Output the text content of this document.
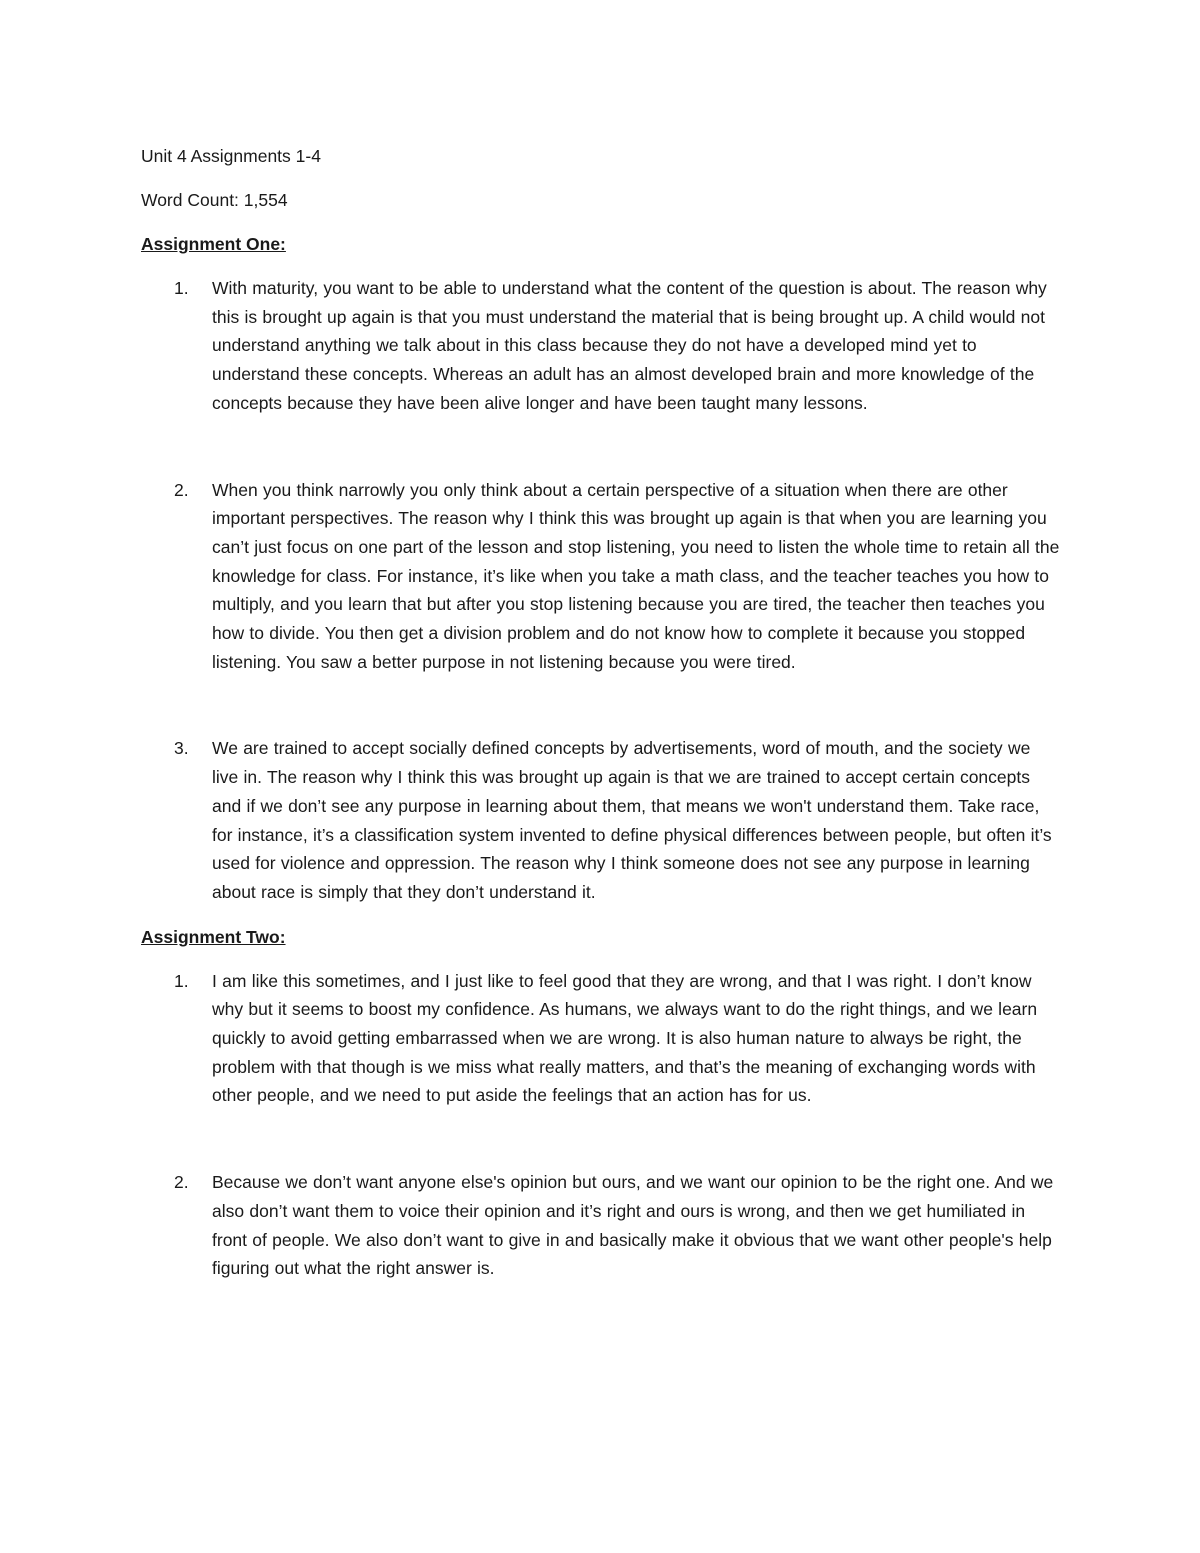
Unit 4 Assignments 1-4
Word Count: 1,554
Assignment One:
1. With maturity, you want to be able to understand what the content of the question is about. The reason why this is brought up again is that you must understand the material that is being brought up. A child would not understand anything we talk about in this class because they do not have a developed mind yet to understand these concepts. Whereas an adult has an almost developed brain and more knowledge of the concepts because they have been alive longer and have been taught many lessons.
2. When you think narrowly you only think about a certain perspective of a situation when there are other important perspectives. The reason why I think this was brought up again is that when you are learning you can’t just focus on one part of the lesson and stop listening, you need to listen the whole time to retain all the knowledge for class. For instance, it’s like when you take a math class, and the teacher teaches you how to multiply, and you learn that but after you stop listening because you are tired, the teacher then teaches you how to divide. You then get a division problem and do not know how to complete it because you stopped listening. You saw a better purpose in not listening because you were tired.
3. We are trained to accept socially defined concepts by advertisements, word of mouth, and the society we live in. The reason why I think this was brought up again is that we are trained to accept certain concepts and if we don’t see any purpose in learning about them, that means we won't understand them. Take race, for instance, it’s a classification system invented to define physical differences between people, but often it’s used for violence and oppression. The reason why I think someone does not see any purpose in learning about race is simply that they don’t understand it.
Assignment Two:
1. I am like this sometimes, and I just like to feel good that they are wrong, and that I was right. I don’t know why but it seems to boost my confidence. As humans, we always want to do the right things, and we learn quickly to avoid getting embarrassed when we are wrong. It is also human nature to always be right, the problem with that though is we miss what really matters, and that’s the meaning of exchanging words with other people, and we need to put aside the feelings that an action has for us.
2. Because we don’t want anyone else's opinion but ours, and we want our opinion to be the right one. And we also don’t want them to voice their opinion and it’s right and ours is wrong, and then we get humiliated in front of people. We also don’t want to give in and basically make it obvious that we want other people's help figuring out what the right answer is.
